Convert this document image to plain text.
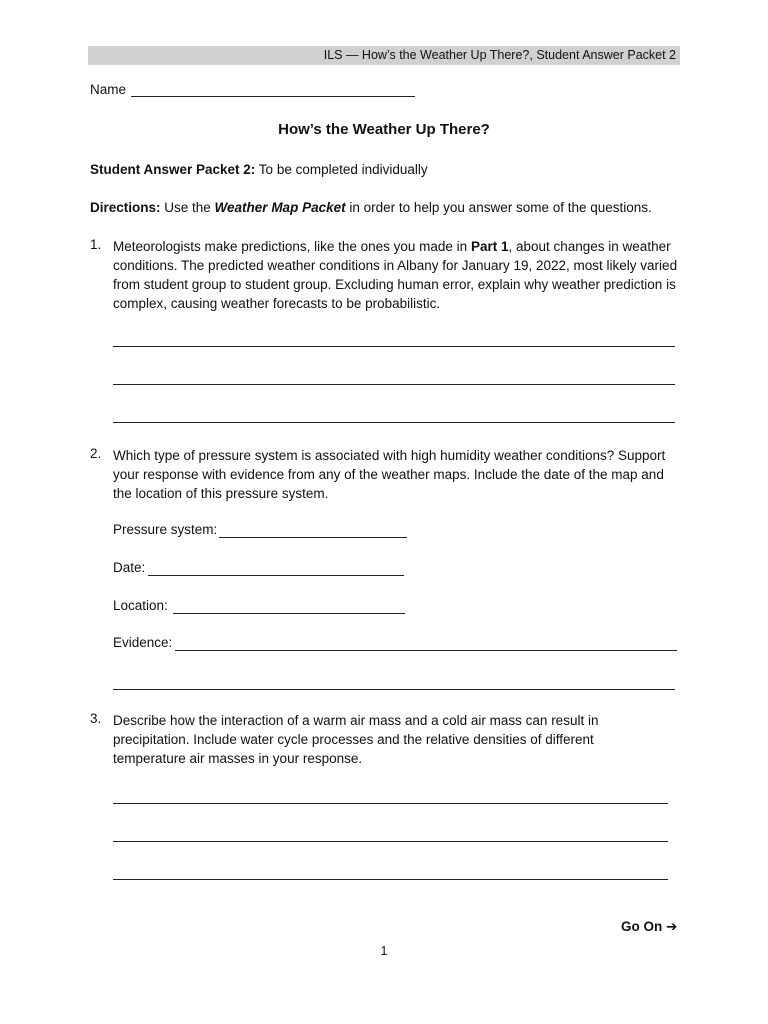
ILS — How’s the Weather Up There?, Student Answer Packet 2
Name
How’s the Weather Up There?
Student Answer Packet 2: To be completed individually
Directions: Use the Weather Map Packet in order to help you answer some of the questions.
1. Meteorologists make predictions, like the ones you made in Part 1, about changes in weather conditions. The predicted weather conditions in Albany for January 19, 2022, most likely varied from student group to student group. Excluding human error, explain why weather prediction is complex, causing weather forecasts to be probabilistic.
2. Which type of pressure system is associated with high humidity weather conditions? Support your response with evidence from any of the weather maps. Include the date of the map and the location of this pressure system.
Pressure system:
Date:
Location:
Evidence:
3. Describe how the interaction of a warm air mass and a cold air mass can result in precipitation. Include water cycle processes and the relative densities of different temperature air masses in your response.
Go On ➔
1
